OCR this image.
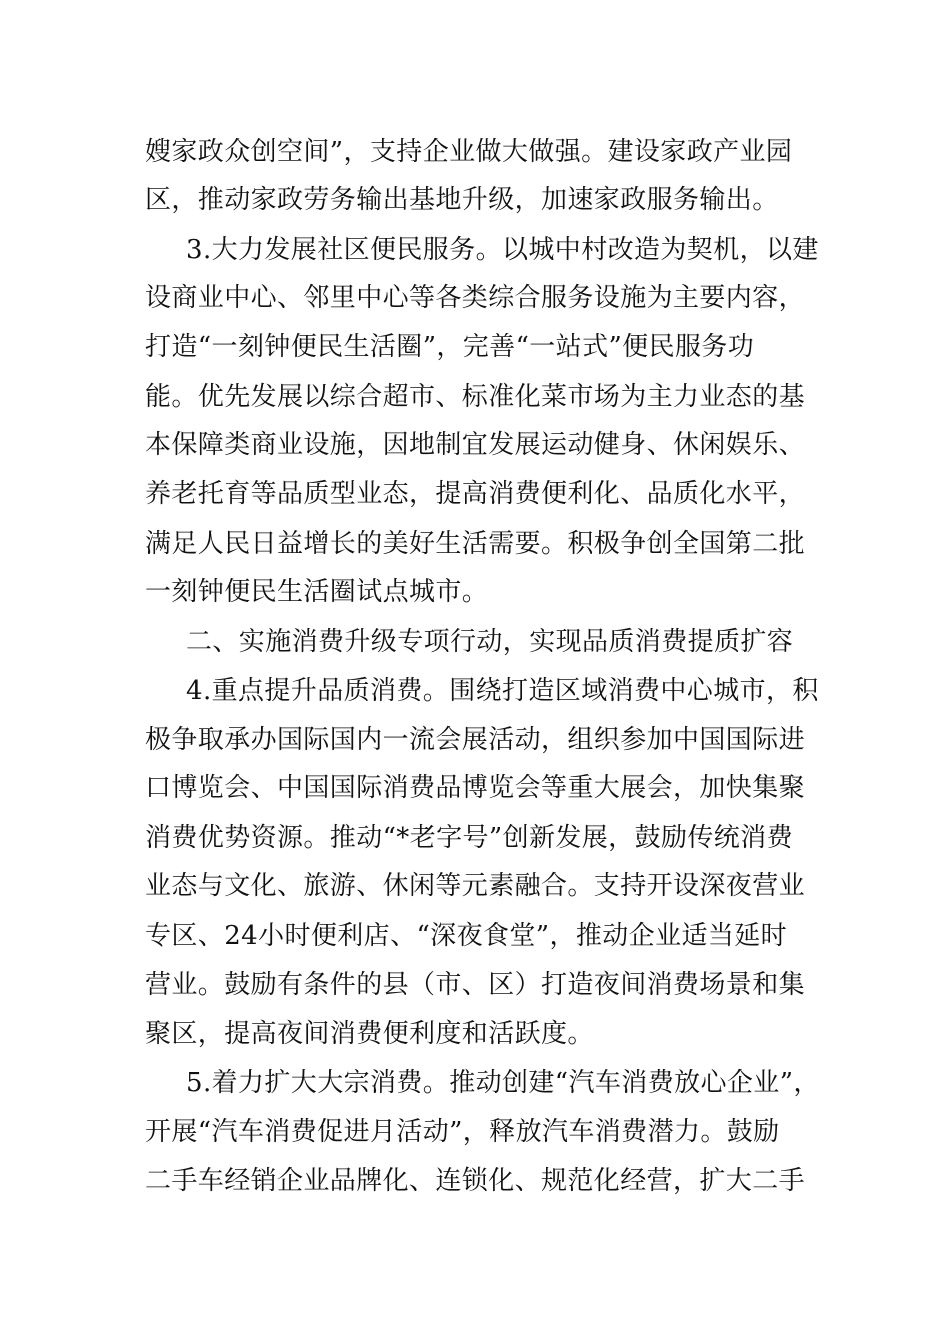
嫂家政众创空间”，支持企业做大做强。建设家政产业园
区，推动家政劳务输出基地升级，加速家政服务输出。
3.大力发展社区便民服务。以城中村改造为契机，以建
设商业中心、邻里中心等各类综合服务设施为主要内容，
打造“一刻钟便民生活圈”，完善“一站式”便民服务功
能。优先发展以综合超市、标准化菜市场为主力业态的基
本保障类商业设施，因地制宜发展运动健身、休闲娱乐、
养老托育等品质型业态，提高消费便利化、品质化水平，
满足人民日益增长的美好生活需要。积极争创全国第二批
一刻钟便民生活圈试点城市。
二、实施消费升级专项行动，实现品质消费提质扩容
4.重点提升品质消费。围绕打造区域消费中心城市，积
极争取承办国际国内一流会展活动，组织参加中国国际进
口博览会、中国国际消费品博览会等重大展会，加快集聚
消费优势资源。推动“*老字号”创新发展，鼓励传统消费
业态与文化、旅游、休闲等元素融合。支持开设深夜营业
专区、24小时便利店、“深夜食堂”，推动企业适当延时
营业。鼓励有条件的县（市、区）打造夜间消费场景和集
聚区，提高夜间消费便利度和活跃度。
5.着力扩大大宗消费。推动创建“汽车消费放心企业”，
开展“汽车消费促进月活动”，释放汽车消费潜力。鼓励
二手车经销企业品牌化、连锁化、规范化经营，扩大二手
